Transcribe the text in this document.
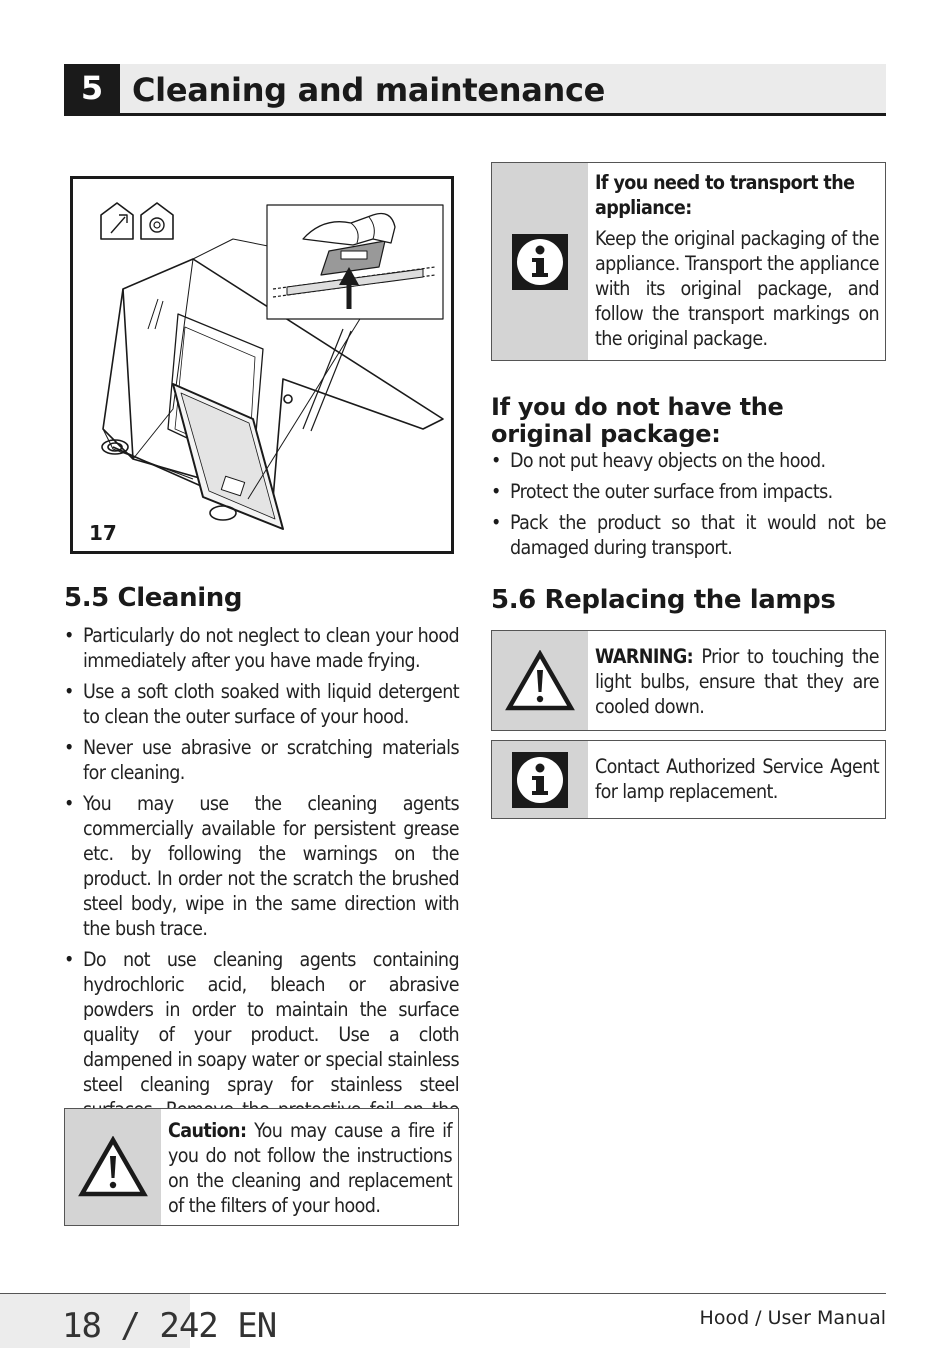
5 Cleaning and maintenance
17
If you need to transport the appliance:
Keep the original packaging of the appliance. Transport the appliance with its original package, and follow the transport markings on the original package.
If you do not have the original package:
• Do not put heavy objects on the hood.
• Protect the outer surface from impacts.
• Pack the product so that it would not be damaged during transport.
5.5 Cleaning
• Particularly do not neglect to clean your hood immediately after you have made frying.
• Use a soft cloth soaked with liquid detergent to clean the outer surface of your hood.
• Never use abrasive or scratching materials for cleaning.
• You may use the cleaning agents commercially available for persistent grease etc. by following the warnings on the product. In order not the scratch the brushed steel body, wipe in the same direction with the bush trace.
• Do not use cleaning agents containing hydrochloric acid, bleach or abrasive powders in order to maintain the surface quality of your product. Use a cloth dampened in soapy water or special stainless steel cleaning spray for stainless steel
Caution: You may cause a fire if you do not follow the instructions on the cleaning and replacement of the filters of your hood.
5.6 Replacing the lamps
WARNING: Prior to touching the light bulbs, ensure that they are cooled down.
Contact Authorized Service Agent for lamp replacement.
18 / 242 EN	Hood / User Manual
